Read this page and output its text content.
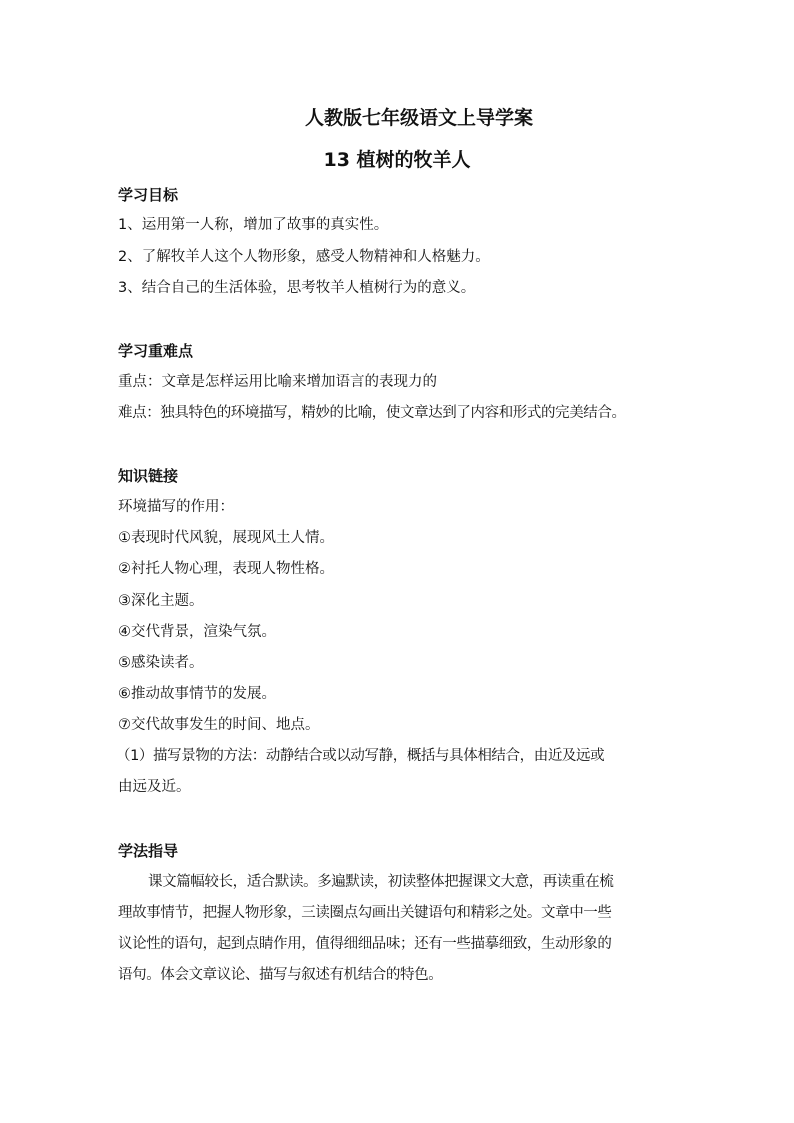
人教版七年级语文上导学案
13 植树的牧羊人
学习目标
1、运用第一人称，增加了故事的真实性。
2、了解牧羊人这个人物形象，感受人物精神和人格魅力。
3、结合自己的生活体验，思考牧羊人植树行为的意义。
学习重难点
重点：文章是怎样运用比喻来增加语言的表现力的
难点：独具特色的环境描写，精妙的比喻，使文章达到了内容和形式的完美结合。
知识链接
环境描写的作用：
①表现时代风貌，展现风土人情。
②衬托人物心理，表现人物性格。
③深化主题。
④交代背景，渲染气氛。
⑤感染读者。
⑥推动故事情节的发展。
⑦交代故事发生的时间、地点。
（1）描写景物的方法：动静结合或以动写静，概括与具体相结合，由近及远或
由远及近。
学法指导
课文篇幅较长，适合默读。多遍默读，初读整体把握课文大意，再读重在梳
理故事情节，把握人物形象，三读圈点勾画出关键语句和精彩之处。文章中一些
议论性的语句，起到点睛作用，值得细细品味；还有一些描摹细致，生动形象的
语句。体会文章议论、描写与叙述有机结合的特色。
